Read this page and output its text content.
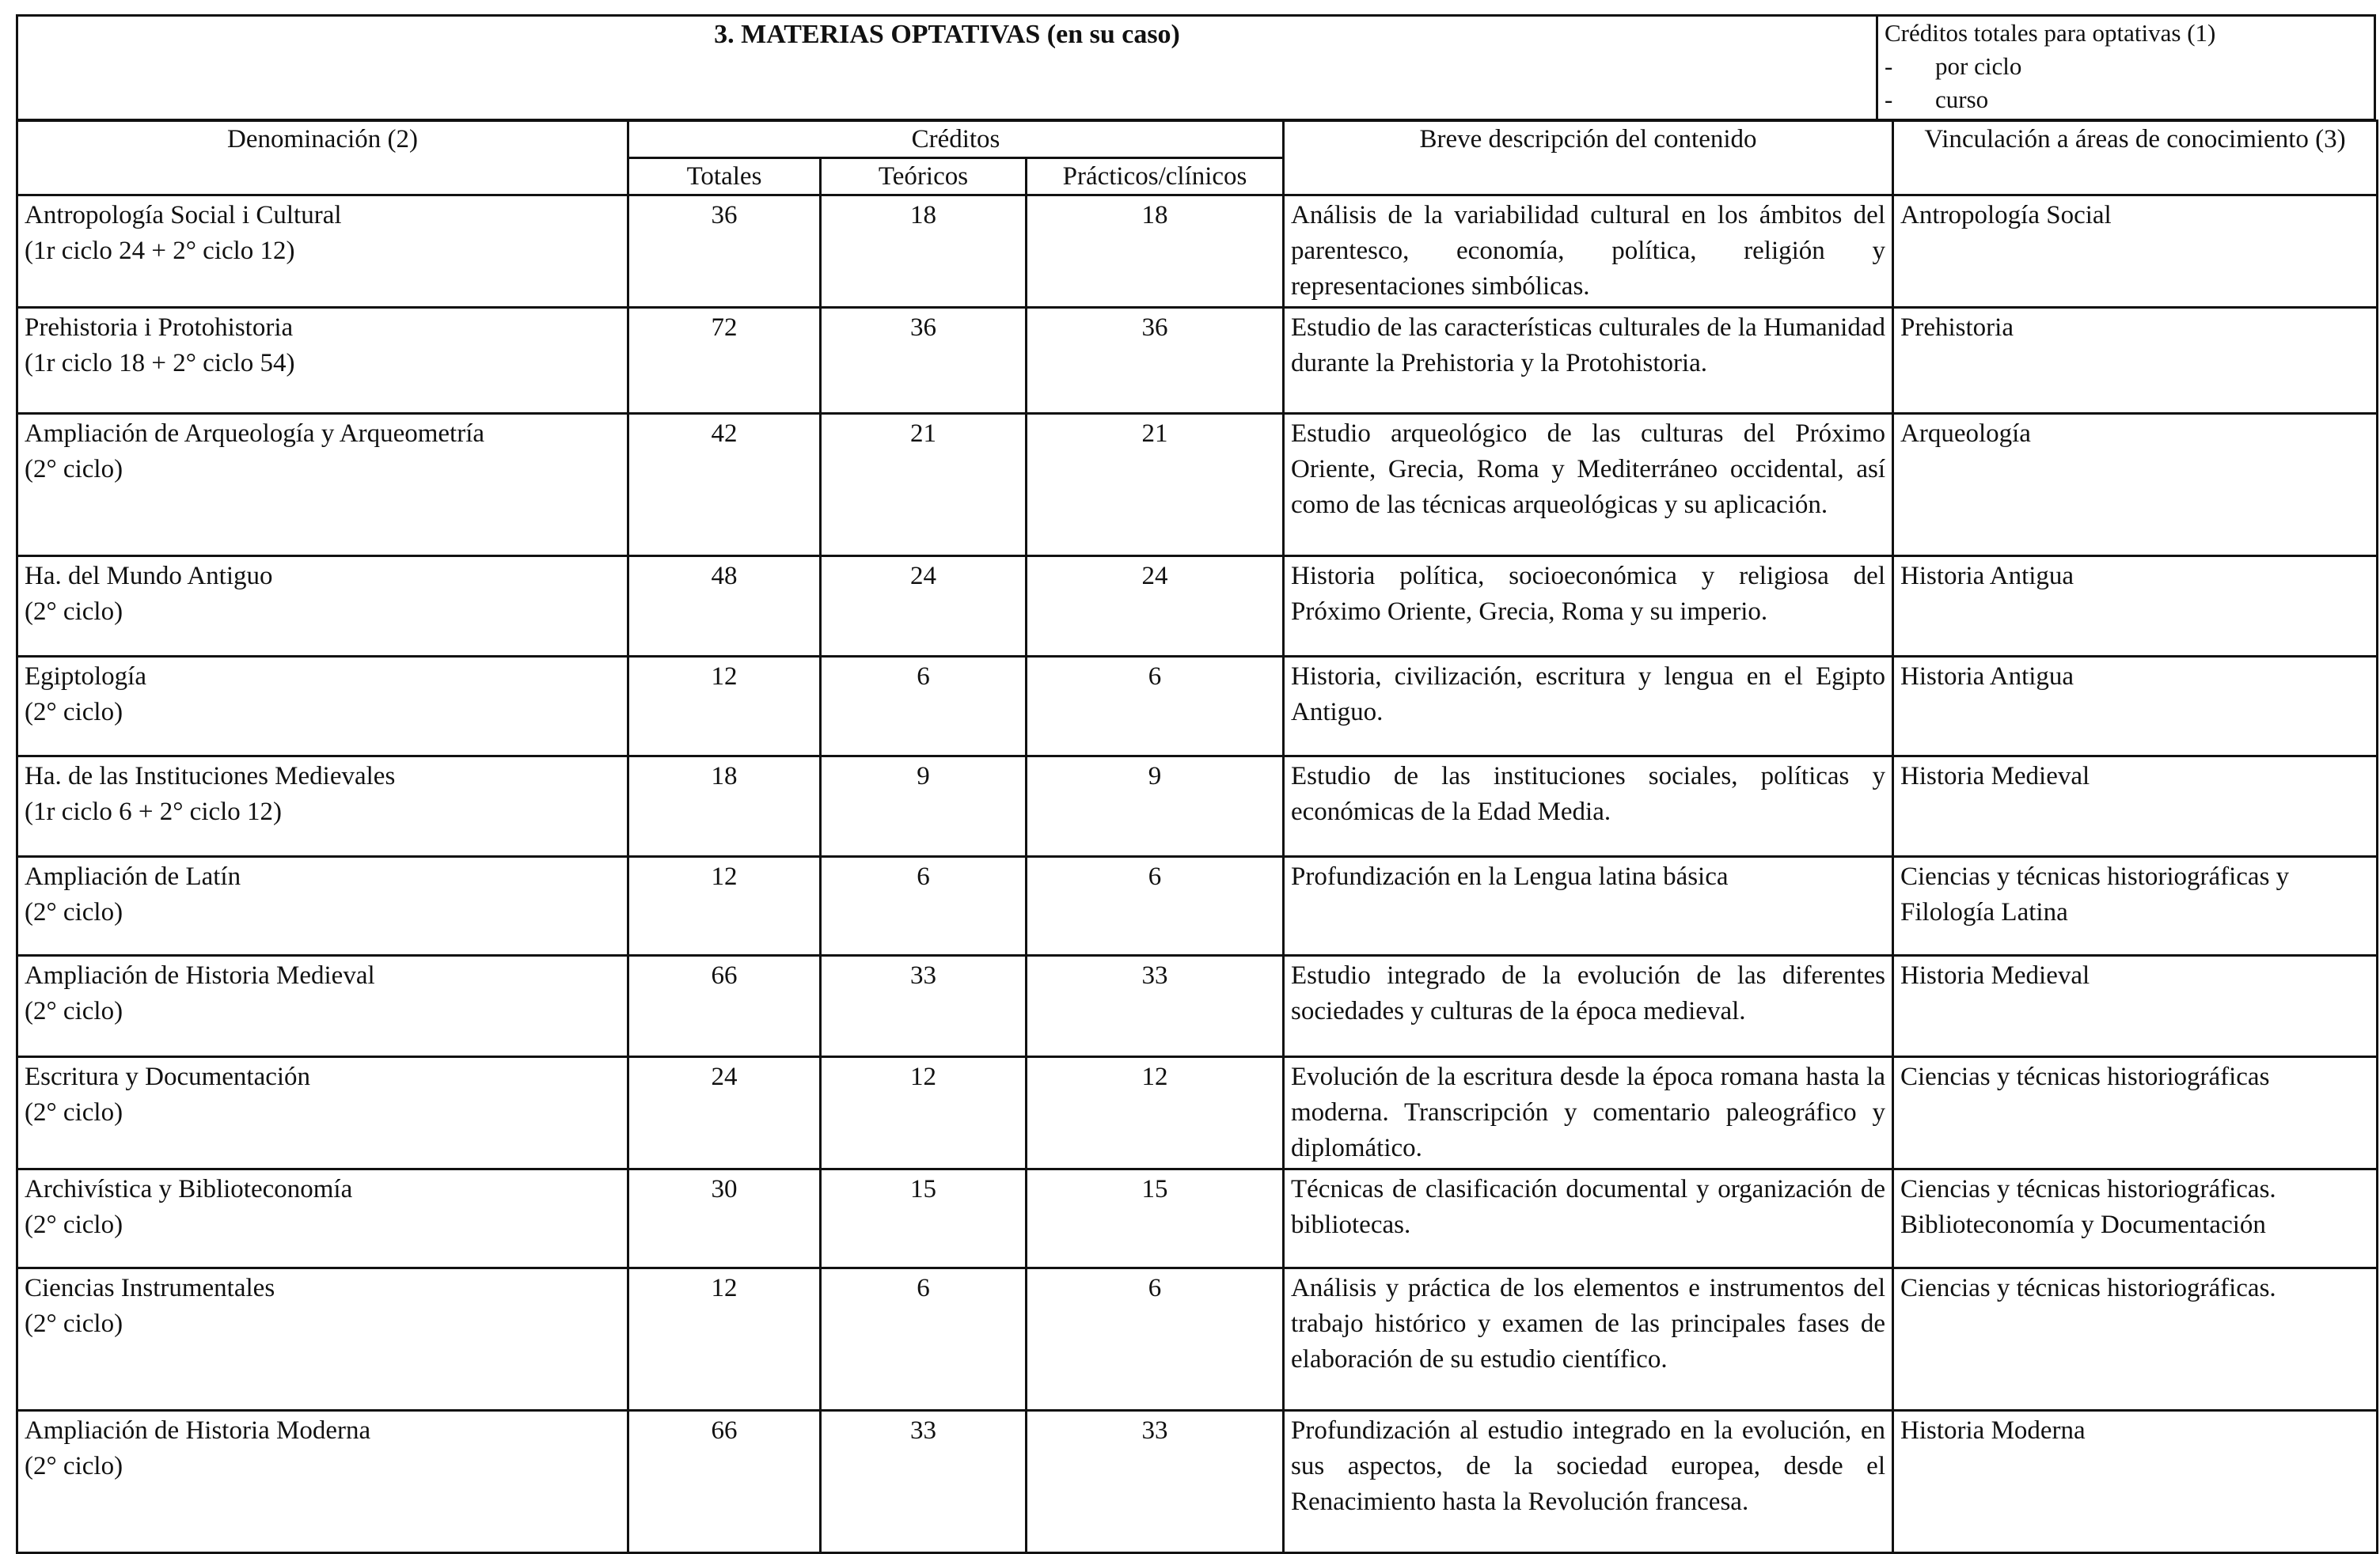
3. MATERIAS OPTATIVAS (en su caso)	Créditos totales para optativas (1)
- por ciclo
- curso
Denominación (2)	Créditos			Breve descripción del contenido	Vinculación a áreas de conocimiento (3)
	Totales	Teóricos	Prácticos/clínicos		

Antropología Social i Cultural
(1r ciclo 24 + 2° ciclo 12)	36	18	18	Análisis de la variabilidad cultural en los ámbitos del parentesco, economía, política, religión y representaciones simbólicas.	Antropología Social

Prehistoria i Protohistoria
(1r ciclo 18 + 2° ciclo 54)	72	36	36	Estudio de las características culturales de la Humanidad durante la Prehistoria y la Protohistoria.	Prehistoria

Ampliación de Arqueología y Arqueometría
(2° ciclo)	42	21	21	Estudio arqueológico de las culturas del Próximo Oriente, Grecia, Roma y Mediterráneo occidental, así como de las técnicas arqueológicas y su aplicación.	Arqueología

Ha. del Mundo Antiguo
(2° ciclo)	48	24	24	Historia política, socioeconómica y religiosa del Próximo Oriente, Grecia, Roma y su imperio.	Historia Antigua

Egiptología
(2° ciclo)	12	6	6	Historia, civilización, escritura y lengua en el Egipto Antiguo.	Historia Antigua

Ha. de las Instituciones Medievales
(1r ciclo 6 + 2° ciclo 12)	18	9	9	Estudio de las instituciones sociales, políticas y económicas de la Edad Media.	Historia Medieval

Ampliación de Latín
(2° ciclo)	12	6	6	Profundización en la Lengua latina básica	Ciencias y técnicas historiográficas y Filología Latina

Ampliación de Historia Medieval
(2° ciclo)	66	33	33	Estudio integrado de la evolución de las diferentes sociedades y culturas de la época medieval.	Historia Medieval

Escritura y Documentación
(2° ciclo)	24	12	12	Evolución de la escritura desde la época romana hasta la moderna. Transcripción y comentario paleográfico y diplomático.	Ciencias y técnicas historiográficas

Archivística y Biblioteconomía
(2° ciclo)	30	15	15	Técnicas de clasificación documental y organización de bibliotecas.	Ciencias y técnicas historiográficas. Biblioteconomía y Documentación

Ciencias Instrumentales
(2° ciclo)	12	6	6	Análisis y práctica de los elementos e instrumentos del trabajo histórico y examen de las principales fases de elaboración de su estudio científico.	Ciencias y técnicas historiográficas.

Ampliación de Historia Moderna
(2° ciclo)	66	33	33	Profundización al estudio integrado en la evolución, en sus aspectos, de la sociedad europea, desde el Renacimiento hasta la Revolución francesa.	Historia Moderna
